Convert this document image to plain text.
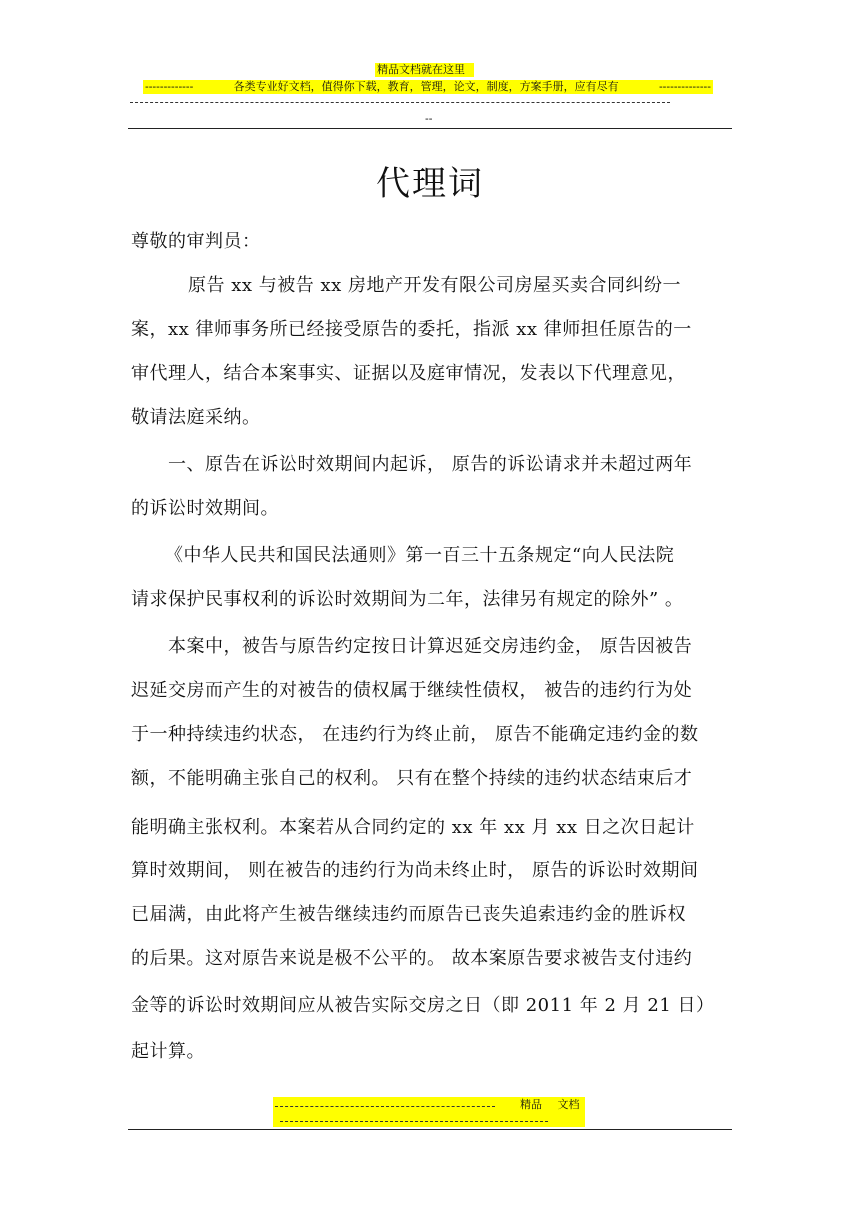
精品文档就在这里
-------------	各类专业好文档，值得你下载，教育，管理，论文，制度，方案手册，应有尽有	--------------
--
代理词
尊敬的审判员：
原告 xx 与被告 xx 房地产开发有限公司房屋买卖合同纠纷一
案，xx 律师事务所已经接受原告的委托，指派 xx 律师担任原告的一
审代理人，结合本案事实、证据以及庭审情况，发表以下代理意见，
敬请法庭采纳。
一、原告在诉讼时效期间内起诉， 原告的诉讼请求并未超过两年
的诉讼时效期间。
《中华人民共和国民法通则》第一百三十五条规定“向人民法院
请求保护民事权利的诉讼时效期间为二年，法律另有规定的除外” 。
本案中，被告与原告约定按日计算迟延交房违约金， 原告因被告
迟延交房而产生的对被告的债权属于继续性债权， 被告的违约行为处
于一种持续违约状态， 在违约行为终止前， 原告不能确定违约金的数
额，不能明确主张自己的权利。 只有在整个持续的违约状态结束后才
能明确主张权利。本案若从合同约定的 xx 年 xx 月 xx 日之次日起计
算时效期间， 则在被告的违约行为尚未终止时， 原告的诉讼时效期间
已届满，由此将产生被告继续违约而原告已丧失追索违约金的胜诉权
的后果。这对原告来说是极不公平的。 故本案原告要求被告支付违约
金等的诉讼时效期间应从被告实际交房之日（即 2011 年 2 月 21 日）
起计算。
精品 文档
